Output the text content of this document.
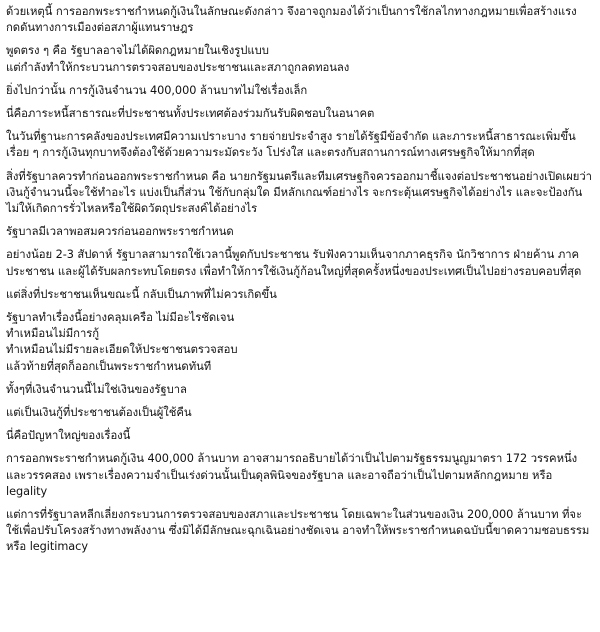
ด้วยเหตุนี้ การออกพระราชกำหนดกู้เงินในลักษณะดังกล่าว จึงอาจถูกมองได้ว่าเป็นการใช้กลไกทางกฎหมายเพื่อสร้างแรงกดดันทางการเมืองต่อสภาผู้แทนราษฎร

พูดตรง ๆ คือ รัฐบาลอาจไม่ได้ผิดกฎหมายในเชิงรูปแบบ
แต่กำลังทำให้กระบวนการตรวจสอบของประชาชนและสภาถูกลดทอนลง

ยิ่งไปกว่านั้น การกู้เงินจำนวน 400,000 ล้านบาทไม่ใช่เรื่องเล็ก

นี่คือภาระหนี้สาธารณะที่ประชาชนทั้งประเทศต้องร่วมกันรับผิดชอบในอนาคต

ในวันที่ฐานะการคลังของประเทศมีความเปราะบาง รายจ่ายประจำสูง รายได้รัฐมีข้อจำกัด และภาระหนี้สาธารณะเพิ่มขึ้นเรื่อย ๆ การกู้เงินทุกบาทจึงต้องใช้ด้วยความระมัดระวัง โปร่งใส และตรงกับสถานการณ์ทางเศรษฐกิจให้มากที่สุด

สิ่งที่รัฐบาลควรทำก่อนออกพระราชกำหนด คือ นายกรัฐมนตรีและทีมเศรษฐกิจควรออกมาชี้แจงต่อประชาชนอย่างเปิดเผยว่า เงินกู้จำนวนนี้จะใช้ทำอะไร แบ่งเป็นกี่ส่วน ใช้กับกลุ่มใด มีหลักเกณฑ์อย่างไร จะกระตุ้นเศรษฐกิจได้อย่างไร และจะป้องกันไม่ให้เกิดการรั่วไหลหรือใช้ผิดวัตถุประสงค์ได้อย่างไร

รัฐบาลมีเวลาพอสมควรก่อนออกพระราชกำหนด

อย่างน้อย 2-3 สัปดาห์ รัฐบาลสามารถใช้เวลานี้พูดกับประชาชน รับฟังความเห็นจากภาคธุรกิจ นักวิชาการ ฝ่ายค้าน ภาคประชาชน และผู้ได้รับผลกระทบโดยตรง เพื่อทำให้การใช้เงินกู้ก้อนใหญ่ที่สุดครั้งหนึ่งของประเทศเป็นไปอย่างรอบคอบที่สุด

แต่สิ่งที่ประชาชนเห็นขณะนี้ กลับเป็นภาพที่ไม่ควรเกิดขึ้น

รัฐบาลทำเรื่องนี้อย่างคลุมเครือ ไม่มีอะไรชัดเจน
ทำเหมือนไม่มีการกู้
ทำเหมือนไม่มีรายละเอียดให้ประชาชนตรวจสอบ
แล้วท้ายที่สุดก็ออกเป็นพระราชกำหนดทันที

ทั้งๆที่เงินจำนวนนี้ไม่ใช่เงินของรัฐบาล

แต่เป็นเงินกู้ที่ประชาชนต้องเป็นผู้ใช้คืน

นี่คือปัญหาใหญ่ของเรื่องนี้

การออกพระราชกำหนดกู้เงิน 400,000 ล้านบาท อาจสามารถอธิบายได้ว่าเป็นไปตามรัฐธรรมนูญมาตรา 172 วรรคหนึ่งและวรรคสอง เพราะเรื่องความจำเป็นเร่งด่วนนั้นเป็นดุลพินิจของรัฐบาล และอาจถือว่าเป็นไปตามหลักกฎหมาย หรือ legality

แต่การที่รัฐบาลหลีกเลี่ยงกระบวนการตรวจสอบของสภาและประชาชน โดยเฉพาะในส่วนของเงิน 200,000 ล้านบาท ที่จะใช้เพื่อปรับโครงสร้างทางพลังงาน ซึ่งมิได้มีลักษณะฉุกเฉินอย่างชัดเจน อาจทำให้พระราชกำหนดฉบับนี้ขาดความชอบธรรม หรือ legitimacy
